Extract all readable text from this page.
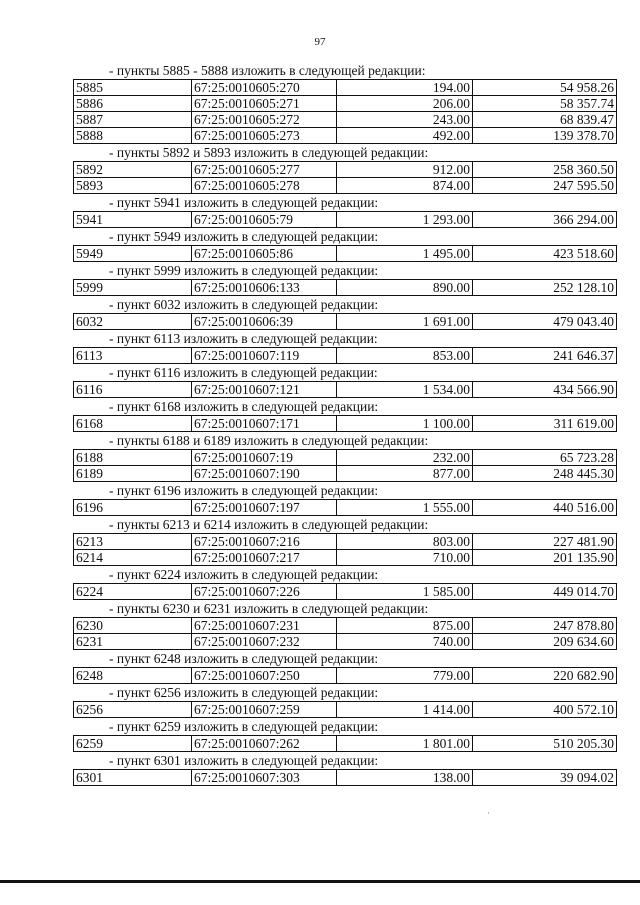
97
- пункты 5885 - 5888 изложить в следующей редакции:
5885	67:25:0010605:270	194.00	54 958.26
5886	67:25:0010605:271	206.00	58 357.74
5887	67:25:0010605:272	243.00	68 839.47
5888	67:25:0010605:273	492.00	139 378.70
- пункты 5892 и 5893 изложить в следующей редакции:
5892	67:25:0010605:277	912.00	258 360.50
5893	67:25:0010605:278	874.00	247 595.50
- пункт 5941 изложить в следующей редакции:
5941	67:25:0010605:79	1 293.00	366 294.00
- пункт 5949 изложить в следующей редакции:
5949	67:25:0010605:86	1 495.00	423 518.60
- пункт 5999 изложить в следующей редакции:
5999	67:25:0010606:133	890.00	252 128.10
- пункт 6032 изложить в следующей редакции:
6032	67:25:0010606:39	1 691.00	479 043.40
- пункт 6113 изложить в следующей редакции:
6113	67:25:0010607:119	853.00	241 646.37
- пункт 6116 изложить в следующей редакции:
6116	67:25:0010607:121	1 534.00	434 566.90
- пункт 6168 изложить в следующей редакции:
6168	67:25:0010607:171	1 100.00	311 619.00
- пункты 6188 и 6189 изложить в следующей редакции:
6188	67:25:0010607:19	232.00	65 723.28
6189	67:25:0010607:190	877.00	248 445.30
- пункт 6196 изложить в следующей редакции:
6196	67:25:0010607:197	1 555.00	440 516.00
- пункты 6213 и 6214 изложить в следующей редакции:
6213	67:25:0010607:216	803.00	227 481.90
6214	67:25:0010607:217	710.00	201 135.90
- пункт 6224 изложить в следующей редакции:
6224	67:25:0010607:226	1 585.00	449 014.70
- пункты 6230 и 6231 изложить в следующей редакции:
6230	67:25:0010607:231	875.00	247 878.80
6231	67:25:0010607:232	740.00	209 634.60
- пункт 6248 изложить в следующей редакции:
6248	67:25:0010607:250	779.00	220 682.90
- пункт 6256 изложить в следующей редакции:
6256	67:25:0010607:259	1 414.00	400 572.10
- пункт 6259 изложить в следующей редакции:
6259	67:25:0010607:262	1 801.00	510 205.30
- пункт 6301 изложить в следующей редакции:
6301	67:25:0010607:303	138.00	39 094.02
·
